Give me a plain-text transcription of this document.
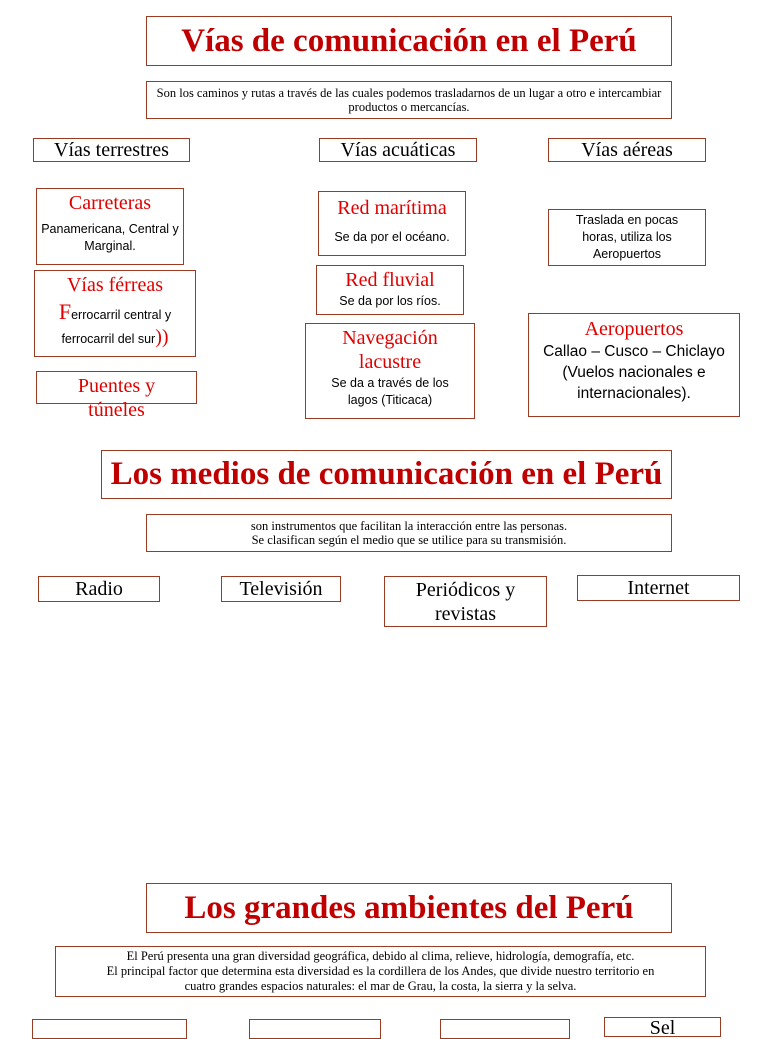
Vías de comunicación en el Perú
Son los caminos y rutas a través de las cuales podemos trasladarnos de un lugar a otro e intercambiar productos o mercancías.
Vías terrestres	Vías acuáticas	Vías aéreas
Carreteras
Panamericana, Central y Marginal.
Vías férreas
Ferrocarril central y ferrocarril del sur))
Puentes y túneles
Red marítima
Se da por el océano.
Red fluvial
Se da por los ríos.
Navegación lacustre
Se da a través de los lagos (Titicaca)
Traslada en pocas horas, utiliza los Aeropuertos
Aeropuertos
Callao – Cusco – Chiclayo (Vuelos nacionales e internacionales).
Los medios de comunicación en el Perú
son instrumentos que facilitan la interacción entre las personas.
Se clasifican según el medio que se utilice para su transmisión.
Radio	Televisión	Periódicos y revistas
Internet
Los grandes ambientes del Perú
El Perú presenta una gran diversidad geográfica, debido al clima, relieve, hidrología, demografía, etc.
El principal factor que determina esta diversidad es la cordillera de los Andes, que divide nuestro territorio en
cuatro grandes espacios naturales: el mar de Grau, la costa, la sierra y la selva.
Sel
